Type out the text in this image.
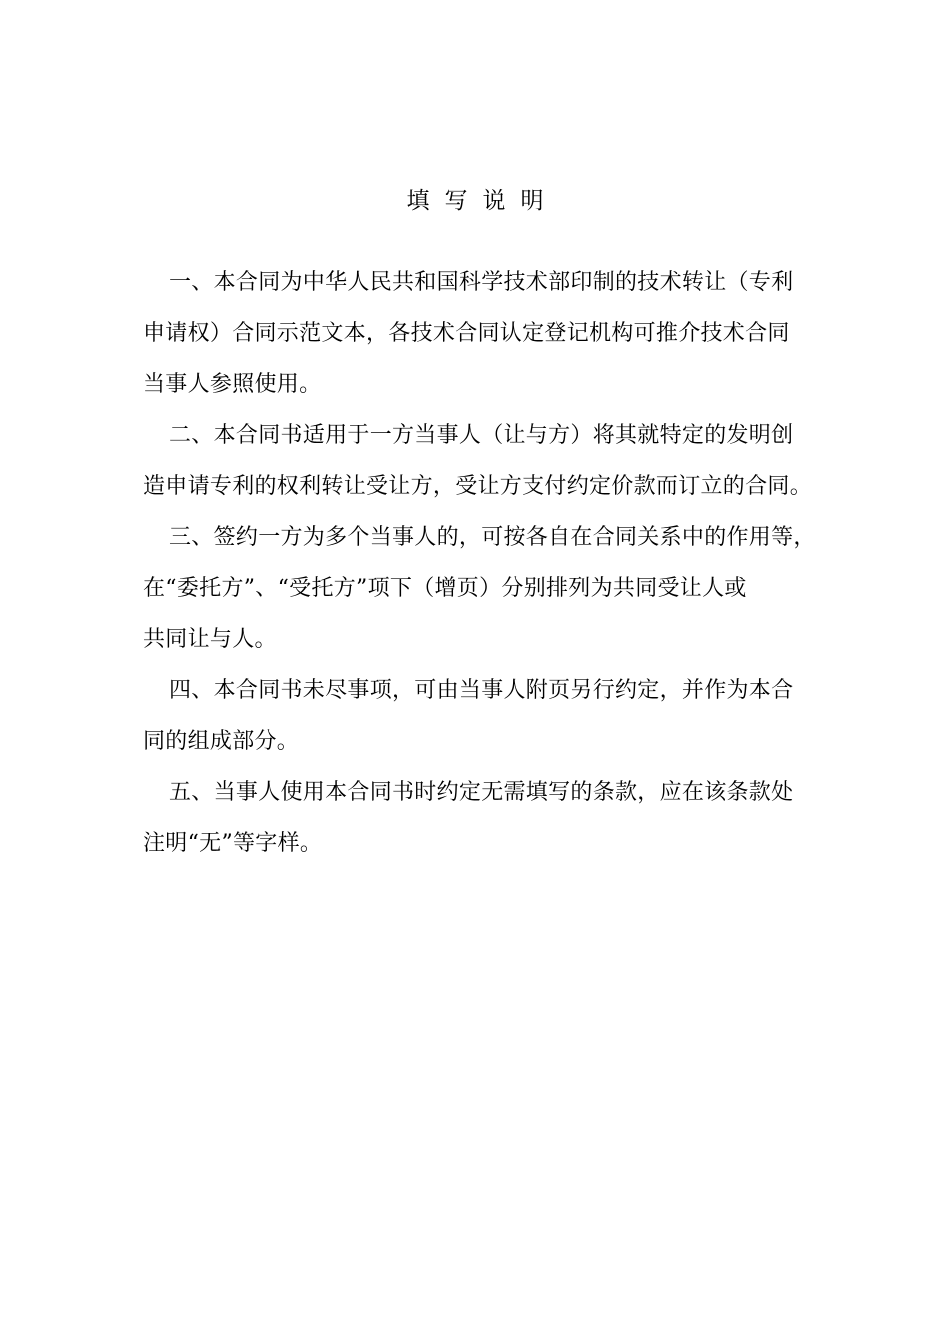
填写说明

一、本合同为中华人民共和国科学技术部印制的技术转让（专利
申请权）合同示范文本，各技术合同认定登记机构可推介技术合同
当事人参照使用。

二、本合同书适用于一方当事人（让与方）将其就特定的发明创
造申请专利的权利转让受让方，受让方支付约定价款而订立的合同。

三、签约一方为多个当事人的，可按各自在合同关系中的作用等，
在“委托方”、“受托方”项下（增页）分别排列为共同受让人或
共同让与人。

四、本合同书未尽事项，可由当事人附页另行约定，并作为本合
同的组成部分。

五、当事人使用本合同书时约定无需填写的条款，应在该条款处
注明“无”等字样。
